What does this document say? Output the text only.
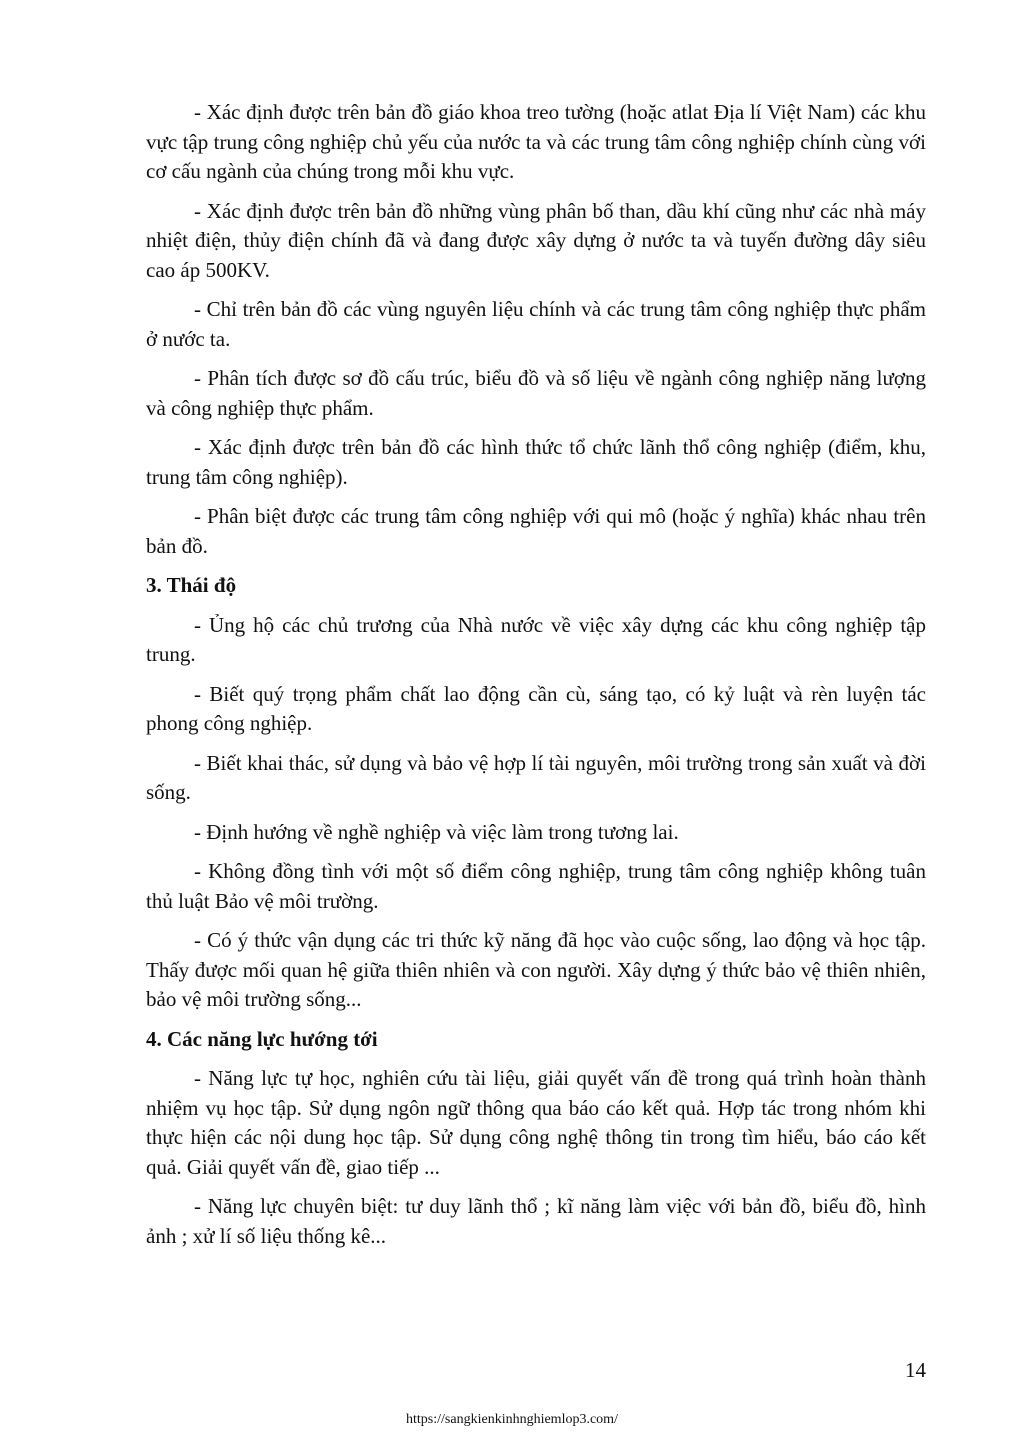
- Xác định được trên bản đồ giáo khoa treo tường (hoặc atlat Địa lí Việt Nam) các khu vực tập trung công nghiệp chủ yếu của nước ta và các trung tâm công nghiệp chính cùng với cơ cấu ngành của chúng trong mỗi khu vực.

- Xác định được trên bản đồ những vùng phân bố than, dầu khí cũng như các nhà máy nhiệt điện, thủy điện chính đã và đang được xây dựng ở nước ta và tuyến đường dây siêu cao áp 500KV.

- Chỉ trên bản đồ các vùng nguyên liệu chính và các trung tâm công nghiệp thực phẩm ở nước ta.

- Phân tích được sơ đồ cấu trúc, biểu đồ và số liệu về ngành công nghiệp năng lượng và công nghiệp thực phẩm.

- Xác định được trên bản đồ các hình thức tổ chức lãnh thổ công nghiệp (điểm, khu, trung tâm công nghiệp).

- Phân biệt được các trung tâm công nghiệp với qui mô (hoặc ý nghĩa) khác nhau trên bản đồ.

3. Thái độ

- Ủng hộ các chủ trương của Nhà nước về việc xây dựng các khu công nghiệp tập trung.

- Biết quý trọng phẩm chất lao động cần cù, sáng tạo, có kỷ luật và rèn luyện tác phong công nghiệp.

- Biết khai thác, sử dụng và bảo vệ hợp lí tài nguyên, môi trường trong sản xuất và đời sống.

- Định hướng về nghề nghiệp và việc làm trong tương lai.

- Không đồng tình với một số điểm công nghiệp, trung tâm công nghiệp không tuân thủ luật Bảo vệ môi trường.

- Có ý thức vận dụng các tri thức kỹ năng đã học vào cuộc sống, lao động và học tập. Thấy được mối quan hệ giữa thiên nhiên và con người. Xây dựng ý thức bảo vệ thiên nhiên, bảo vệ môi trường sống...

4. Các năng lực hướng tới

- Năng lực tự học, nghiên cứu tài liệu, giải quyết vấn đề trong quá trình hoàn thành nhiệm vụ học tập. Sử dụng ngôn ngữ thông qua báo cáo kết quả. Hợp tác trong nhóm khi thực hiện các nội dung học tập. Sử dụng công nghệ thông tin trong tìm hiểu, báo cáo kết quả. Giải quyết vấn đề, giao tiếp ...

- Năng lực chuyên biệt: tư duy lãnh thổ ; kĩ năng làm việc với bản đồ, biểu đồ, hình ảnh ; xử lí số liệu thống kê...

14
https://sangkienkinhnghiemlop3.com/
